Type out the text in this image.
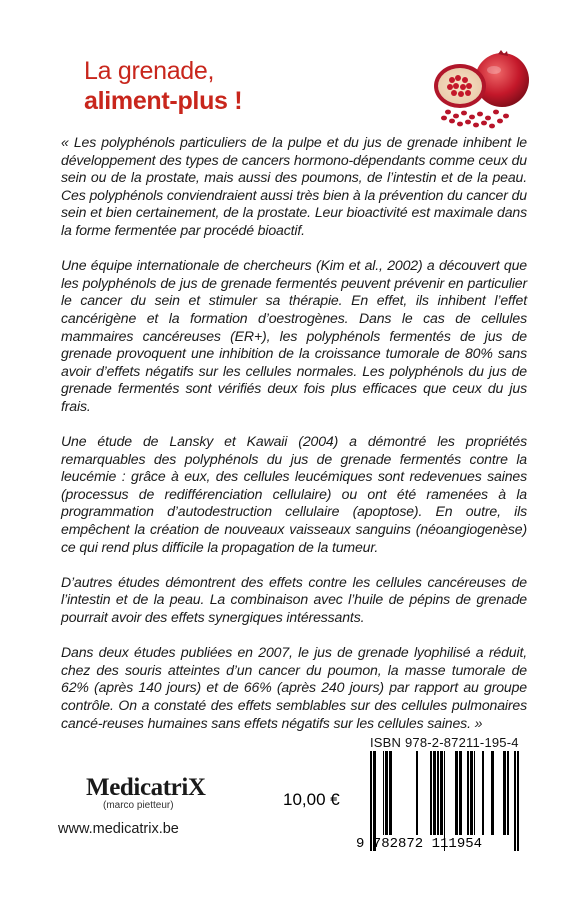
La grenade,
aliment-plus !

« Les polyphénols particuliers de la pulpe et du jus de grenade inhibent le développement des types de cancers hormono-dépendants comme ceux du sein ou de la prostate, mais aussi des poumons, de l’intestin et de la peau. Ces polyphénols conviendraient aussi très bien à la prévention du cancer du sein et bien certainement, de la prostate. Leur bioactivité est maximale dans la forme fermentée par procédé bioactif.

Une équipe internationale de chercheurs (Kim et al., 2002) a découvert que les polyphénols de jus de grenade fermentés peuvent prévenir en particulier le cancer du sein et stimuler sa thérapie. En effet, ils inhibent l’effet cancérigène et la formation d’oestrogènes. Dans le cas de cellules mammaires cancéreuses (ER+), les polyphénols fermentés de jus de grenade provoquent une inhibition de la croissance tumorale de 80% sans avoir d’effets négatifs sur les cellules normales. Les polyphénols du jus de grenade fermentés sont vérifiés deux fois plus efficaces que ceux du jus frais.

Une étude de Lansky et Kawaii (2004) a démontré les propriétés remarquables des polyphénols du jus de grenade fermentés contre la leucémie : grâce à eux, des cellules leucémiques sont redevenues saines (processus de redifférenciation cellulaire) ou ont été ramenées à la programmation d’autodestruction cellulaire (apoptose). En outre, ils empêchent la création de nouveaux vaisseaux sanguins (néoangiogenèse) ce qui rend plus difficile la propagation de la tumeur.

D’autres études démontrent des effets contre les cellules cancéreuses de l’intestin et de la peau. La combinaison avec l’huile de pépins de grenade pourrait avoir des effets synergiques intéressants.

Dans deux études publiées en 2007, le jus de grenade lyophilisé a réduit, chez des souris atteintes d’un cancer du poumon, la masse tumorale de 62% (après 140 jours) et de 66% (après 240 jours) par rapport au groupe contrôle. On a constaté des effets semblables sur des cellules pulmonaires cancé-reuses humaines sans effets négatifs sur les cellules saines. »

MedicatriX
(marco pietteur)
www.medicatrix.be
10,00 €
ISBN 978-2-87211-195-4
9 782872 111954
